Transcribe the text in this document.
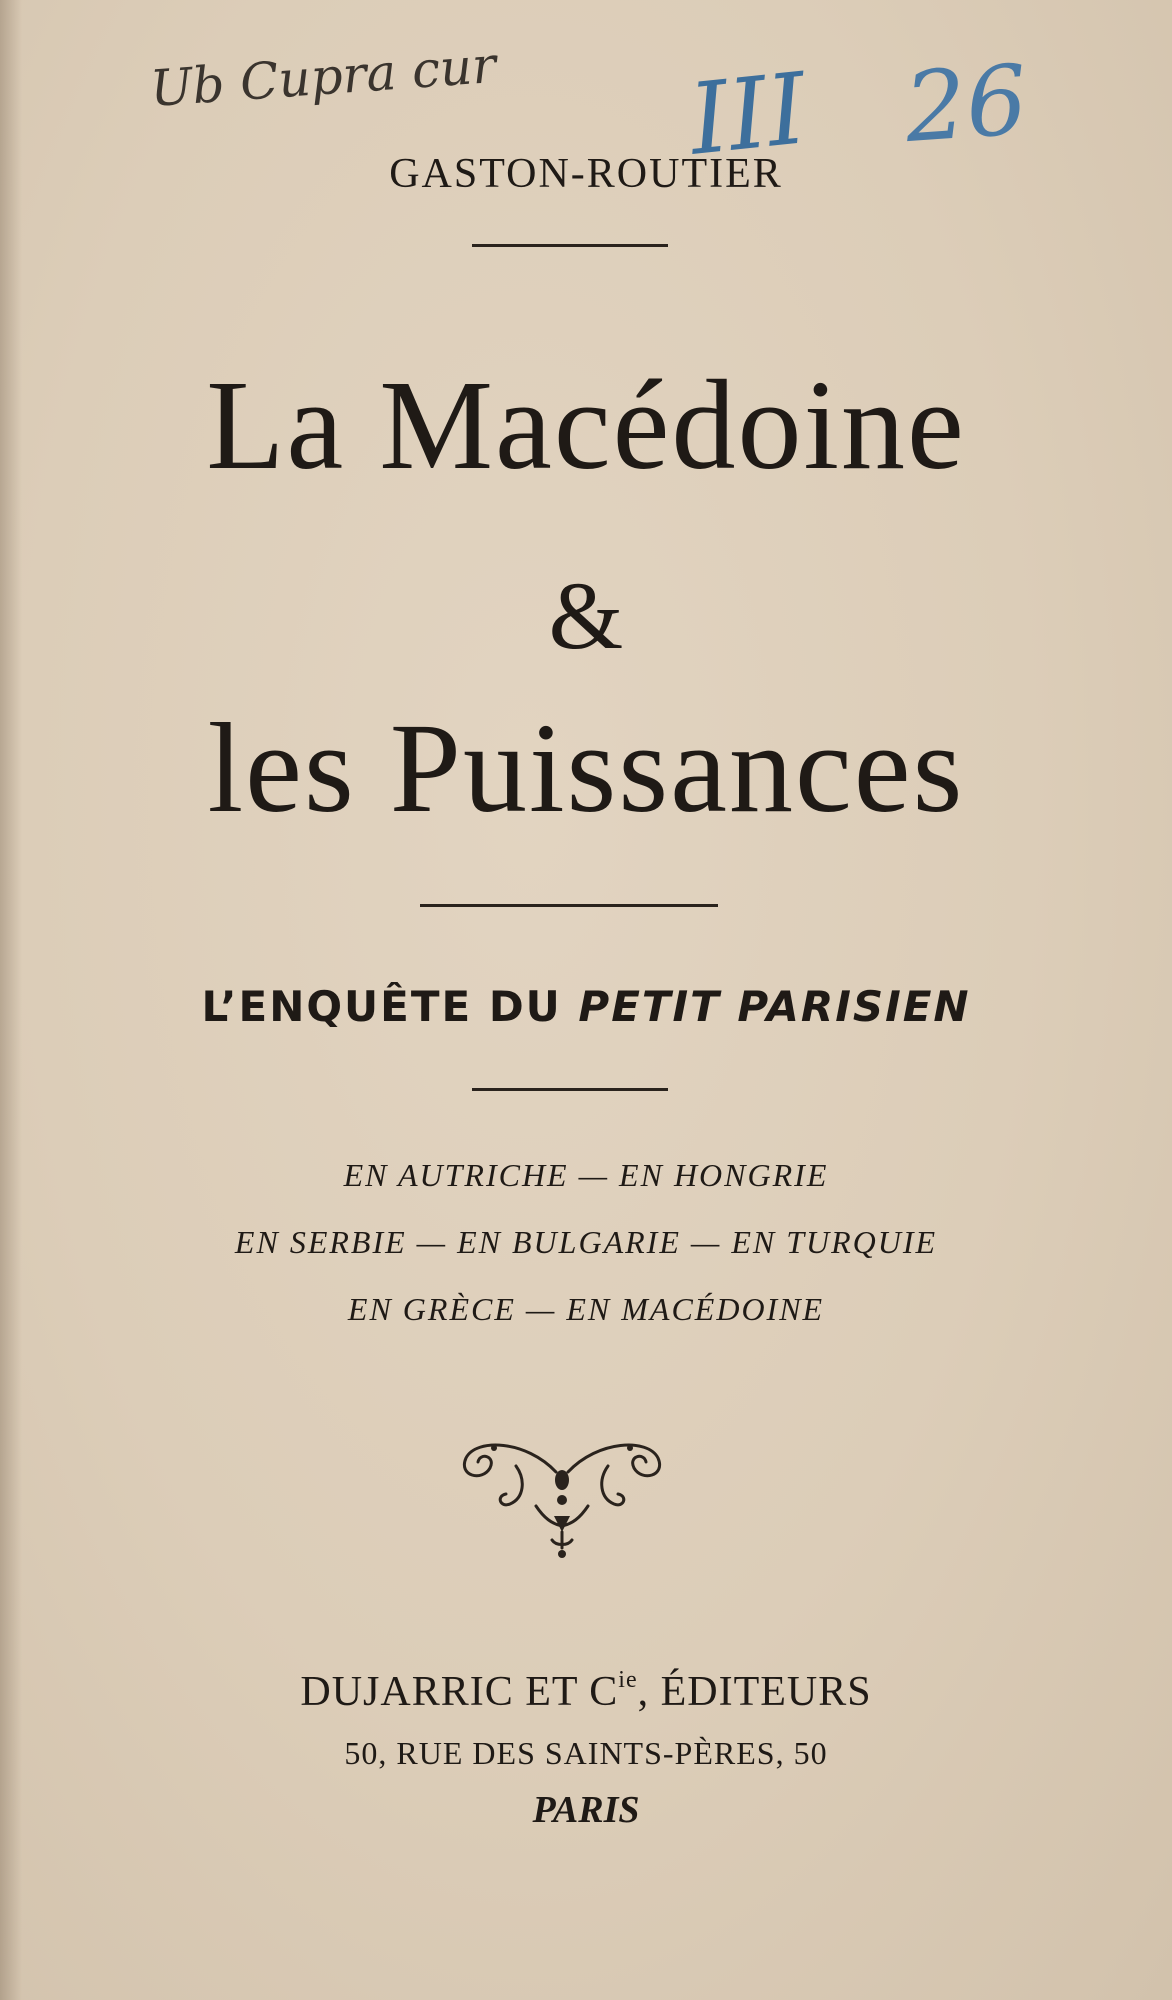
Ub Cupra cur III 26
GASTON-ROUTIER
La Macédoine
&
les Puissances
L’ENQUÊTE DU PETIT PARISIEN
EN AUTRICHE — EN HONGRIE
EN SERBIE — EN BULGARIE — EN TURQUIE
EN GRÈCE — EN MACÉDOINE
DUJARRIC ET $C^{ie}$, ÉDITEURS
50, RUE DES SAINTS-PÈRES, 50
PARIS
